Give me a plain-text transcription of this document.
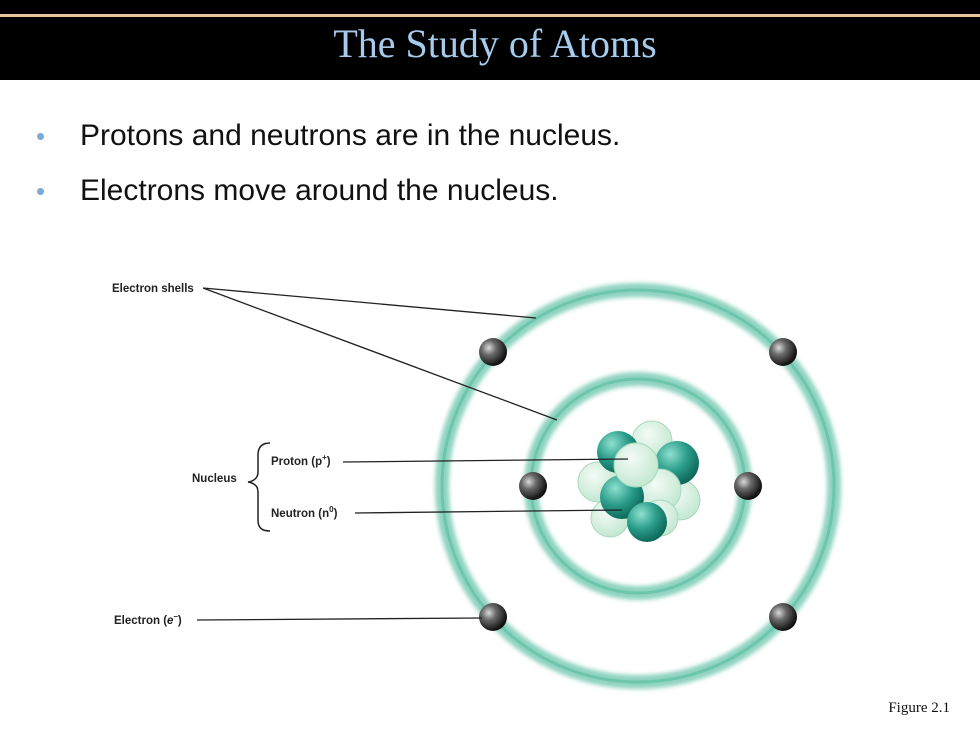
The Study of Atoms
• Protons and neutrons are in the nucleus.
• Electrons move around the nucleus.
Electron shells
Nucleus
Proton (p+)
Neutron $(n^0)$
Electron (e–)
Figure 2.1
